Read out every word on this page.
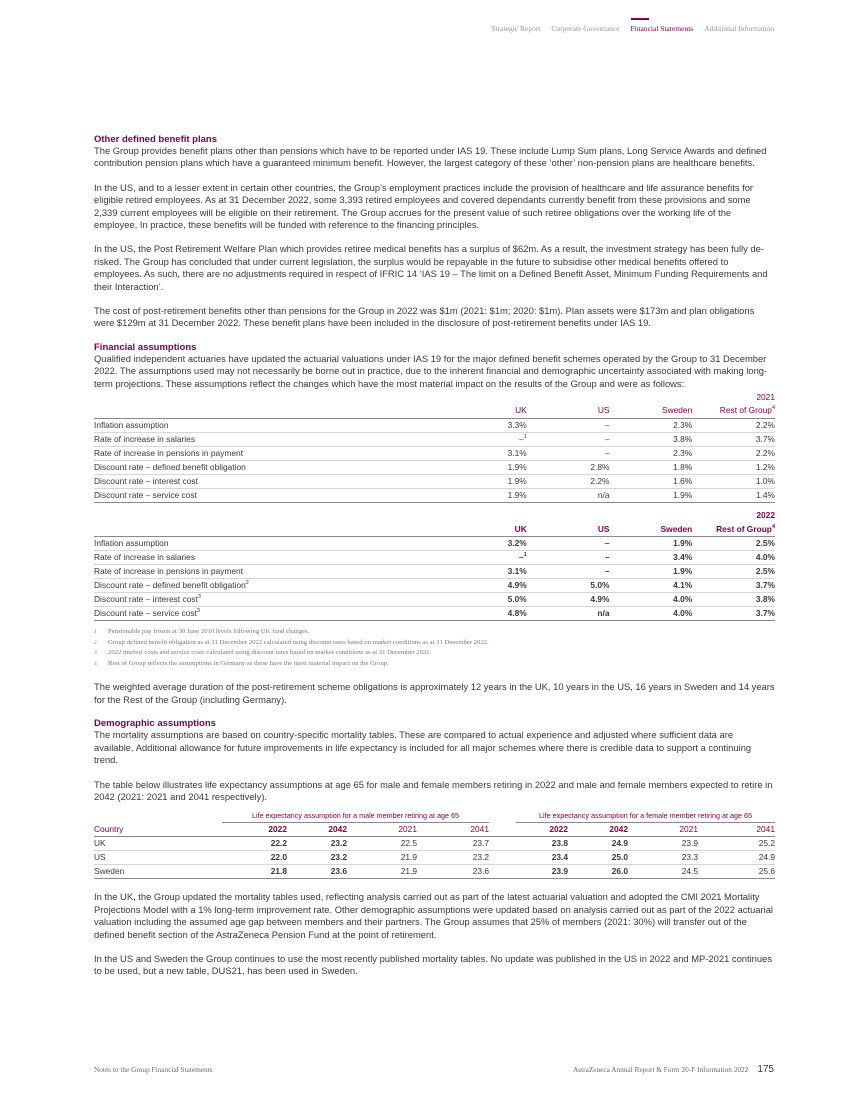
Strategic Report Corporate Governance Financial Statements Additional Information
Other defined benefit plans

The Group provides benefit plans other than pensions which have to be reported under IAS 19. These include Lump Sum plans, Long Service Awards and defined contribution pension plans which have a guaranteed minimum benefit. However, the largest category of these ‘other’ non-pension plans are healthcare benefits.

In the US, and to a lesser extent in certain other countries, the Group’s employment practices include the provision of healthcare and life assurance benefits for eligible retired employees. As at 31 December 2022, some 3,393 retired employees and covered dependants currently benefit from these provisions and some 2,339 current employees will be eligible on their retirement. The Group accrues for the present value of such retiree obligations over the working life of the employee. In practice, these benefits will be funded with reference to the financing principles.

In the US, the Post Retirement Welfare Plan which provides retiree medical benefits has a surplus of $62m. As a result, the investment strategy has been fully de-risked. The Group has concluded that under current legislation, the surplus would be repayable in the future to subsidise other medical benefits offered to employees. As such, there are no adjustments required in respect of IFRIC 14 ‘IAS 19 – The limit on a Defined Benefit Asset, Minimum Funding Requirements and their Interaction’.

The cost of post-retirement benefits other than pensions for the Group in 2022 was $1m (2021: $1m; 2020: $1m). Plan assets were $173m and plan obligations were $129m at 31 December 2022. These benefit plans have been included in the disclosure of post-retirement benefits under IAS 19.

Financial assumptions

Qualified independent actuaries have updated the actuarial valuations under IAS 19 for the major defined benefit schemes operated by the Group to 31 December 2022. The assumptions used may not necessarily be borne out in practice, due to the inherent financial and demographic uncertainty associated with making long-term projections. These assumptions reflect the changes which have the most material impact on the results of the Group and were as follows:

				2021
	UK	US	Sweden	Rest of Group$^4$
Inflation assumption	3.3%	–	2.3%	2.2%
Rate of increase in salaries	–$^1$	–	3.8%	3.7%
Rate of increase in pensions in payment	3.1%	–	2.3%	2.2%
Discount rate – defined benefit obligation	1.9%	2.8%	1.8%	1.2%
Discount rate – interest cost	1.9%	2.2%	1.6%	1.0%
Discount rate – service cost	1.9%	n/a	1.9%	1.4%
				2022
	UK	US	Sweden	Rest of Group$^4$
Inflation assumption	3.2%	–	1.9%	2.5%
Rate of increase in salaries	–$^1$	–	3.4%	4.0%
Rate of increase in pensions in payment	3.1%	–	1.9%	2.5%
Discount rate – defined benefit obligation$^2$	4.9%	5.0%	4.1%	3.7%
Discount rate – interest cost$^3$	5.0%	4.9%	4.0%	3.8%
Discount rate – service cost$^3$	4.8%	n/a	4.0%	3.7%
1	Pensionable pay frozen at 30 June 2010 levels following UK fund changes.
2	Group defined benefit obligation as at 31 December 2022 calculated using discount rates based on market conditions as at 31 December 2022.
3	2022 interest costs and service costs calculated using discount rates based on market conditions as at 31 December 2021.
4	Rest of Group reflects the assumptions in Germany as these have the most material impact on the Group.

The weighted average duration of the post-retirement scheme obligations is approximately 12 years in the UK, 10 years in the US, 16 years in Sweden and 14 years for the Rest of the Group (including Germany).

Demographic assumptions

The mortality assumptions are based on country-specific mortality tables. These are compared to actual experience and adjusted where sufficient data are available. Additional allowance for future improvements in life expectancy is included for all major schemes where there is credible data to support a continuing trend.

The table below illustrates life expectancy assumptions at age 65 for male and female members retiring in 2022 and male and female members expected to retire in 2042 (2021: 2021 and 2041 respectively).

	Life expectancy assumption for a male member retiring at age 65					Life expectancy assumption for a female member retiring at age 65			
Country	2022	2042	2021	2041		2022	2042	2021	2041
UK	22.2	23.2	22.5	23.7		23.8	24.9	23.9	25.2
US	22.0	23.2	21.9	23.2		23.4	25.0	23.3	24.9
Sweden	21.8	23.6	21.9	23.6		23.9	26.0	24.5	25.6

In the UK, the Group updated the mortality tables used, reflecting analysis carried out as part of the latest actuarial valuation and adopted the CMI 2021 Mortality Projections Model with a 1% long-term improvement rate. Other demographic assumptions were updated based on analysis carried out as part of the 2022 actuarial valuation including the assumed age gap between members and their partners. The Group assumes that 25% of members (2021: 30%) will transfer out of the defined benefit section of the AstraZeneca Pension Fund at the point of retirement.

In the US and Sweden the Group continues to use the most recently published mortality tables. No update was published in the US in 2022 and MP-2021 continues to be used, but a new table, DUS21, has been used in Sweden.

Notes to the Group Financial Statements	AstraZeneca Annual Report & Form 20-F Information 2022 175
